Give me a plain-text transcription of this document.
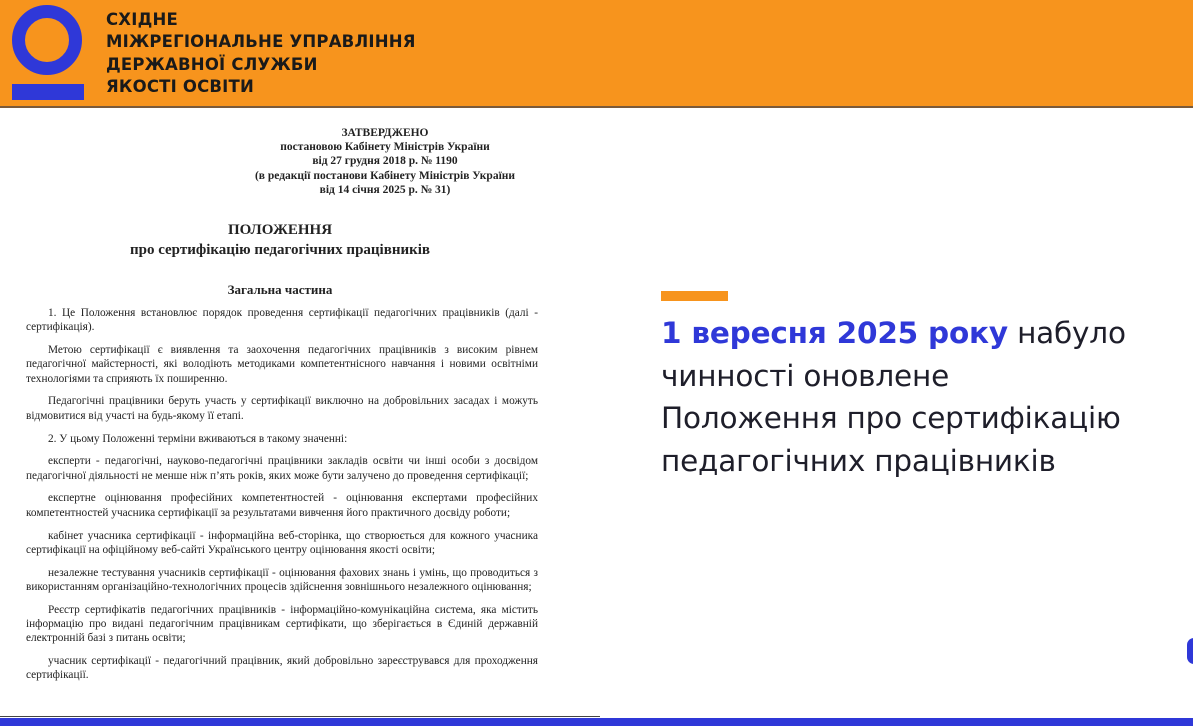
СХІДНЕ
МІЖРЕГІОНАЛЬНЕ УПРАВЛІННЯ
ДЕРЖАВНОЇ СЛУЖБИ
ЯКОСТІ ОСВІТИ
ЗАТВЕРДЖЕНО
постановою Кабінету Міністрів України
від 27 грудня 2018 р. № 1190
(в редакції постанови Кабінету Міністрів України
від 14 січня 2025 р. № 31)
ПОЛОЖЕННЯ
про сертифікацію педагогічних працівників
Загальна частина

1. Це Положення встановлює порядок проведення сертифікації педагогічних працівників (далі - сертифікація).

Метою сертифікації є виявлення та заохочення педагогічних працівників з високим рівнем педагогічної майстерності, які володіють методиками компетентнісного навчання і новими освітніми технологіями та сприяють їх поширенню.

Педагогічні працівники беруть участь у сертифікації виключно на добровільних засадах і можуть відмовитися від участі на будь-якому її етапі.

2. У цьому Положенні терміни вживаються в такому значенні:

експерти - педагогічні, науково-педагогічні працівники закладів освіти чи інші особи з досвідом педагогічної діяльності не менше ніж п’ять років, яких може бути залучено до проведення сертифікації;

експертне оцінювання професійних компетентностей - оцінювання експертами професійних компетентностей учасника сертифікації за результатами вивчення його практичного досвіду роботи;

кабінет учасника сертифікації - інформаційна веб-сторінка, що створюється для кожного учасника сертифікації на офіційному веб-сайті Українського центру оцінювання якості освіти;

незалежне тестування учасників сертифікації - оцінювання фахових знань і умінь, що проводиться з використанням організаційно-технологічних процесів здійснення зовнішнього незалежного оцінювання;

Реєстр сертифікатів педагогічних працівників - інформаційно-комунікаційна система, яка містить інформацію про видані педагогічним працівникам сертифікати, що зберігається в Єдиній державній електронній базі з питань освіти;

учасник сертифікації - педагогічний працівник, який добровільно зареєструвався для проходження сертифікації.

1 вересня 2025 року набуло
чинності оновлене
Положення про сертифікацію
педагогічних працівників
